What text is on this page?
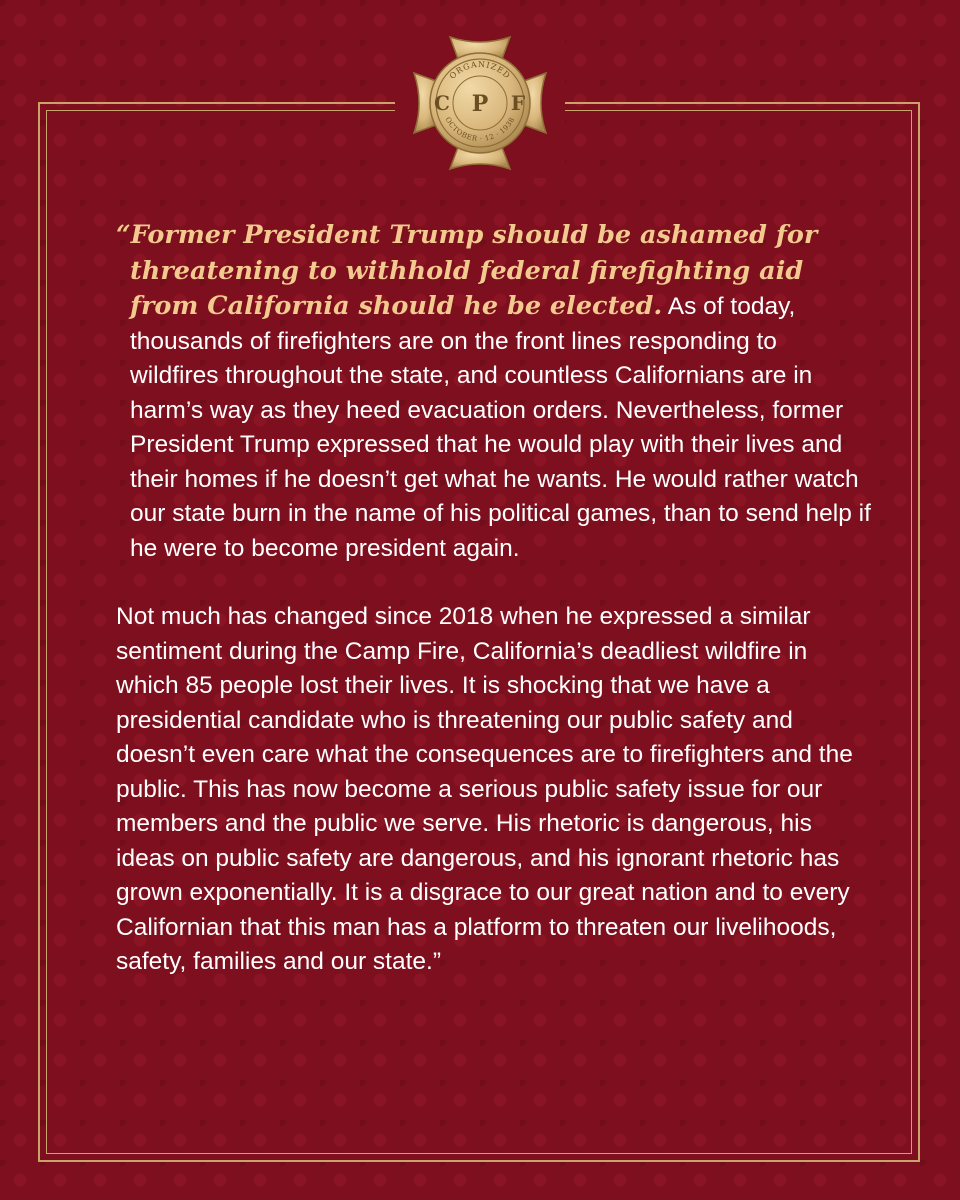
ORGANIZED
OCTOBER · 12 · 1938
C P F

“Former President Trump should be ashamed for threatening to withhold federal firefighting aid from California should he be elected. As of today, thousands of firefighters are on the front lines responding to wildfires throughout the state, and countless Californians are in harm’s way as they heed evacuation orders. Nevertheless, former President Trump expressed that he would play with their lives and their homes if he doesn’t get what he wants. He would rather watch our state burn in the name of his political games, than to send help if he were to become president again.

Not much has changed since 2018 when he expressed a similar sentiment during the Camp Fire, California’s deadliest wildfire in which 85 people lost their lives. It is shocking that we have a presidential candidate who is threatening our public safety and doesn’t even care what the consequences are to firefighters and the public. This has now become a serious public safety issue for our members and the public we serve. His rhetoric is dangerous, his ideas on public safety are dangerous, and his ignorant rhetoric has grown exponentially. It is a disgrace to our great nation and to every Californian that this man has a platform to threaten our livelihoods, safety, families and our state.”
